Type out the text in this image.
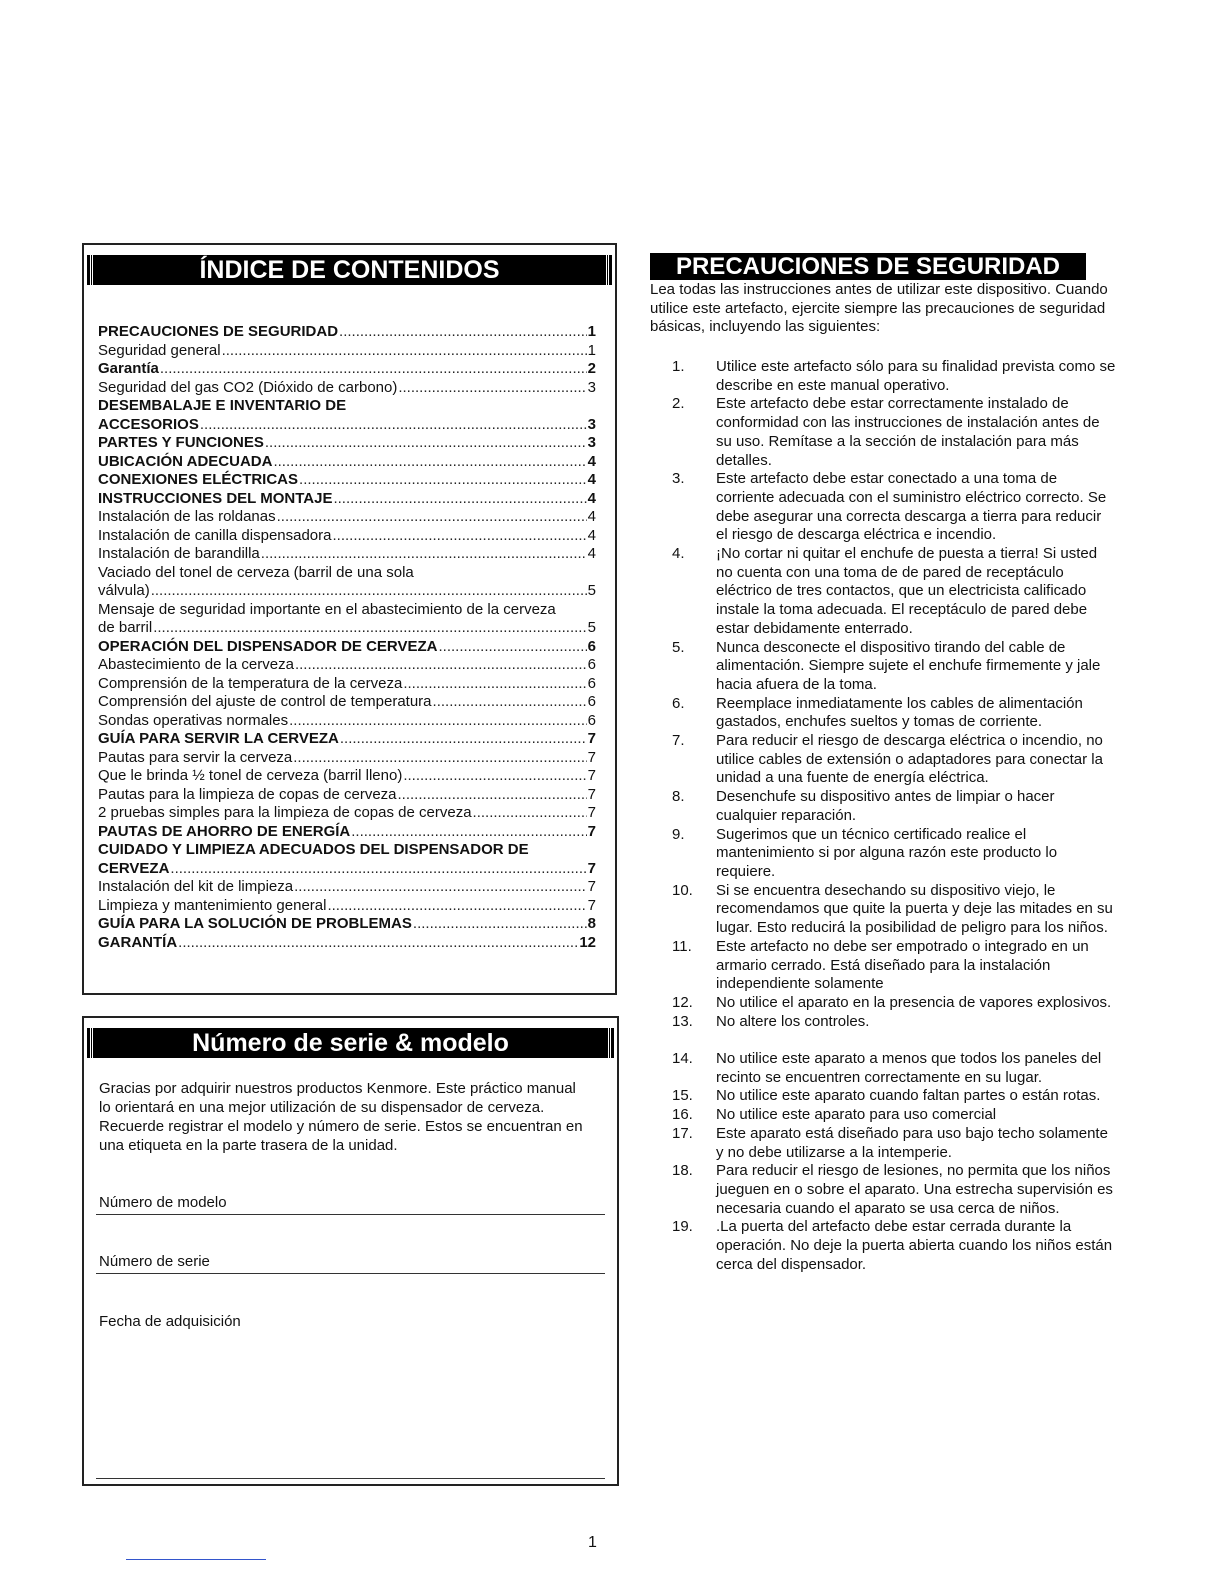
ÍNDICE DE CONTENIDOS
PRECAUCIONES DE SEGURIDAD .....	1
Seguridad general .....	1
Garantía .....	2
Seguridad del gas CO2 (Dióxido de carbono) .....	3
DESEMBALAJE E INVENTARIO DE
ACCESORIOS .....	3
PARTES Y FUNCIONES .....	3
UBICACIÓN ADECUADA .....	4
CONEXIONES ELÉCTRICAS .....	4
INSTRUCCIONES DEL MONTAJE .....	4
Instalación de las roldanas .....	4
Instalación de canilla dispensadora .....	4
Instalación de barandilla .....	4
Vaciado del tonel de cerveza (barril de una sola
válvula) .....	5
Mensaje de seguridad importante en el abastecimiento de la cerveza
de barril .....	5
OPERACIÓN DEL DISPENSADOR DE CERVEZA .....	6
Abastecimiento de la cerveza .....	6
Comprensión de la temperatura de la cerveza .....	6
Comprensión del ajuste de control de temperatura .....	6
Sondas operativas normales .....	6
GUÍA PARA SERVIR LA CERVEZA .....	7
Pautas para servir la cerveza .....	7
Que le brinda ½ tonel de cerveza (barril lleno) .....	7
Pautas para la limpieza de copas de cerveza .....	7
2 pruebas simples para la limpieza de copas de cerveza .....	7
PAUTAS DE AHORRO DE ENERGÍA .....	7
CUIDADO Y LIMPIEZA ADECUADOS DEL DISPENSADOR DE
CERVEZA .....	7
Instalación del kit de limpieza .....	7
Limpieza y mantenimiento general .....	7
GUÍA PARA LA SOLUCIÓN DE PROBLEMAS .....	8
GARANTÍA .....	12
Número de serie & modelo

Gracias por adquirir nuestros productos Kenmore. Este práctico manual lo orientará en una mejor utilización de su dispensador de cerveza. Recuerde registrar el modelo y número de serie. Estos se encuentran en una etiqueta en la parte trasera de la unidad.

Número de modelo
Número de serie
Fecha de adquisición
PRECAUCIONES DE SEGURIDAD

Lea todas las instrucciones antes de utilizar este dispositivo. Cuando utilice este artefacto, ejercite siempre las precauciones de seguridad básicas, incluyendo las siguientes:

1.	Utilice este artefacto sólo para su finalidad prevista como se describe en este manual operativo.
2.	Este artefacto debe estar correctamente instalado de conformidad con las instrucciones de instalación antes de su uso. Remítase a la sección de instalación para más detalles.
3.	Este artefacto debe estar conectado a una toma de corriente adecuada con el suministro eléctrico correcto. Se debe asegurar una correcta descarga a tierra para reducir el riesgo de descarga eléctrica e incendio.
4.	¡No cortar ni quitar el enchufe de puesta a tierra! Si usted no cuenta con una toma de de pared de receptáculo eléctrico de tres contactos, que un electricista calificado instale la toma adecuada. El receptáculo de pared debe estar debidamente enterrado.
5.	Nunca desconecte el dispositivo tirando del cable de alimentación. Siempre sujete el enchufe firmemente y jale hacia afuera de la toma.
6.	Reemplace inmediatamente los cables de alimentación gastados, enchufes sueltos y tomas de corriente.
7.	Para reducir el riesgo de descarga eléctrica o incendio, no utilice cables de extensión o adaptadores para conectar la unidad a una fuente de energía eléctrica.
8.	Desenchufe su dispositivo antes de limpiar o hacer cualquier reparación.
9.	Sugerimos que un técnico certificado realice el mantenimiento si por alguna razón este producto lo requiere.
10.	Si se encuentra desechando su dispositivo viejo, le recomendamos que quite la puerta y deje las mitades en su lugar. Esto reducirá la posibilidad de peligro para los niños.
11.	Este artefacto no debe ser empotrado o integrado en un armario cerrado. Está diseñado para la instalación independiente solamente
12.	No utilice el aparato en la presencia de vapores explosivos.
13.	No altere los controles.
14.	No utilice este aparato a menos que todos los paneles del recinto se encuentren correctamente en su lugar.
15.	No utilice este aparato cuando faltan partes o están rotas.
16.	No utilice este aparato para uso comercial
17.	Este aparato está diseñado para uso bajo techo solamente y no debe utilizarse a la intemperie.
18.	Para reducir el riesgo de lesiones, no permita que los niños jueguen en o sobre el aparato. Una estrecha supervisión es necesaria cuando el aparato se usa cerca de niños.
19.	.La puerta del artefacto debe estar cerrada durante la operación. No deje la puerta abierta cuando los niños están cerca del dispensador.
1
